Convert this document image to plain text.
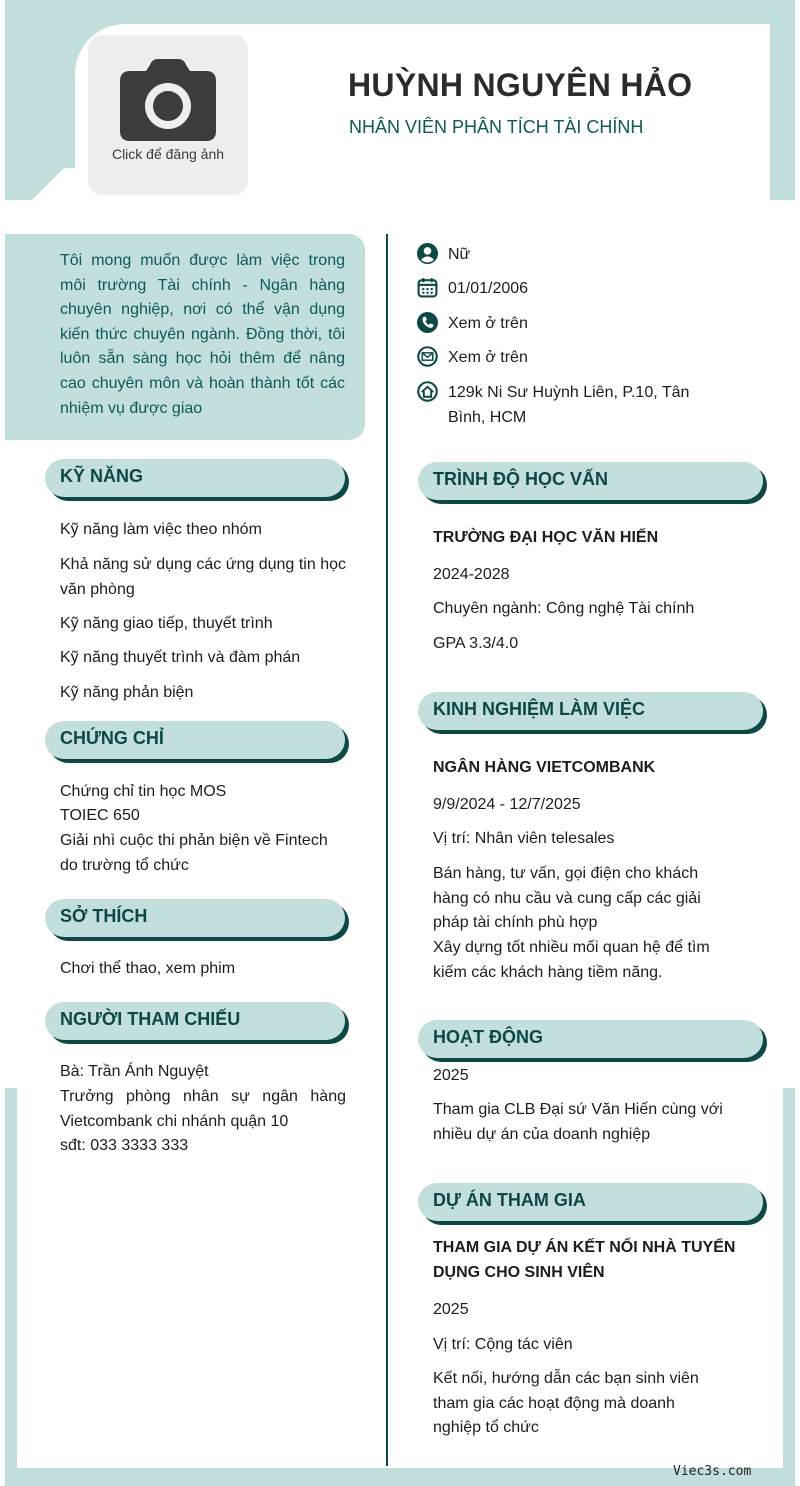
Click để đăng ảnh
HUỲNH NGUYÊN HẢO
NHÂN VIÊN PHÂN TÍCH TÀI CHÍNH
Tôi mong muốn được làm việc trong môi trường Tài chính - Ngân hàng chuyên nghiệp, nơi có thể vận dụng kiến thức chuyên ngành. Đồng thời, tôi luôn sẵn sàng học hỏi thêm để nâng cao chuyên môn và hoàn thành tốt các nhiệm vụ được giao
Nữ
01/01/2006
Xem ở trên
Xem ở trên
129k Ni Sư Huỳnh Liên, P.10, Tân Bình, HCM
KỸ NĂNG
Kỹ năng làm việc theo nhóm
Khả năng sử dụng các ứng dụng tin học văn phòng
Kỹ năng giao tiếp, thuyết trình
Kỹ năng thuyết trình và đàm phán
Kỹ năng phản biện
CHỨNG CHỈ
Chứng chỉ tin học MOS
TOIEC 650
Giải nhì cuộc thi phản biện về Fintech do trường tổ chức
SỞ THÍCH
Chơi thể thao, xem phim
NGƯỜI THAM CHIẾU
Bà: Trần Ánh Nguyệt
Trưởng phòng nhân sự ngân hàng Vietcombank chi nhánh quận 10
sđt: 033 3333 333
TRÌNH ĐỘ HỌC VẤN
TRƯỜNG ĐẠI HỌC VĂN HIẾN
2024-2028
Chuyên ngành: Công nghệ Tài chính
GPA 3.3/4.0
KINH NGHIỆM LÀM VIỆC
NGÂN HÀNG VIETCOMBANK
9/9/2024 - 12/7/2025
Vị trí: Nhân viên telesales
Bán hàng, tư vấn, gọi điện cho khách hàng có nhu cầu và cung cấp các giải pháp tài chính phù hợp
Xây dựng tốt nhiều mối quan hệ để tìm kiếm các khách hàng tiềm năng.
HOẠT ĐỘNG
2025
Tham gia CLB Đại sứ Văn Hiến cùng với nhiều dự án của doanh nghiệp
DỰ ÁN THAM GIA
THAM GIA DỰ ÁN KẾT NỐI NHÀ TUYỂN DỤNG CHO SINH VIÊN
2025
Vị trí: Cộng tác viên
Kết nối, hướng dẫn các bạn sinh viên tham gia các hoạt động mà doanh nghiệp tổ chức
Viec3s.com
